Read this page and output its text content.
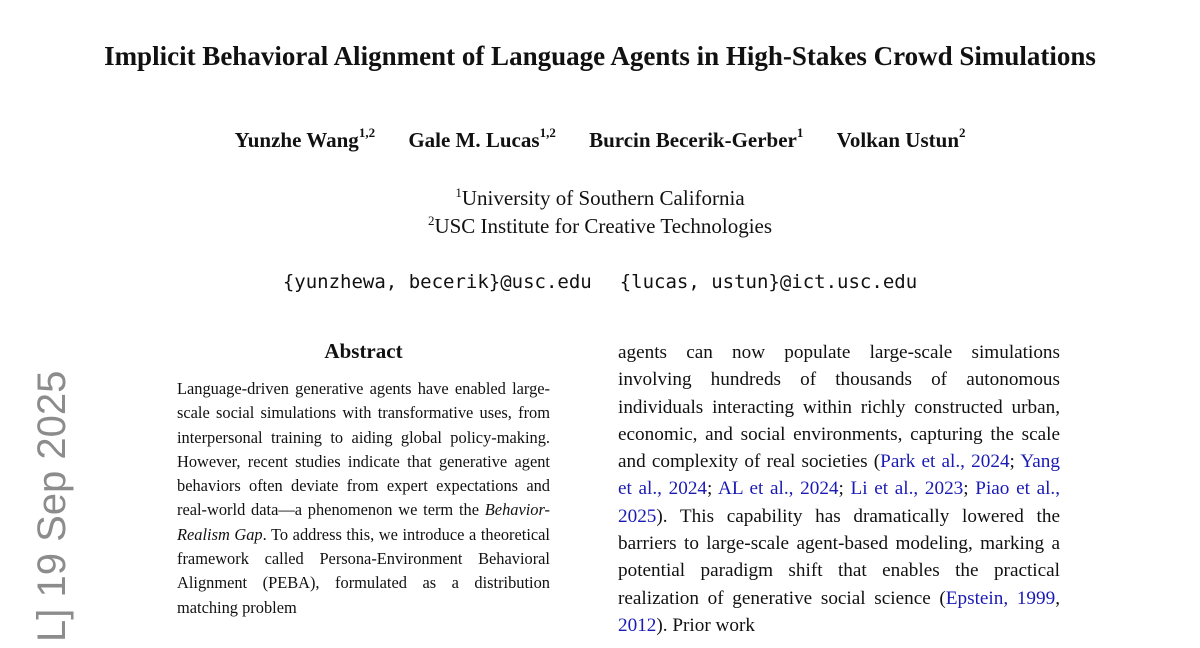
L] 19 Sep 2025
Implicit Behavioral Alignment of Language Agents in High-Stakes Crowd Simulations
Yunzhe Wang$^{1,2}$ Gale M. Lucas$^{1,2}$ Burcin Becerik-Gerber$^1$ Volkan Ustun$^2$
$^1$University of Southern California
$^2$USC Institute for Creative Technologies
{yunzhewa, becerik}@usc.edu {lucas, ustun}@ict.usc.edu
Abstract

Language-driven generative agents have enabled large-scale social simulations with transformative uses, from interpersonal training to aiding global policy-making. However, recent studies indicate that generative agent behaviors often deviate from expert expectations and real-world data—a phenomenon we term the Behavior-Realism Gap. To address this, we introduce a theoretical framework called Persona-Environment Behavioral Alignment (PEBA), formulated as a distribution matching problem

agents can now populate large-scale simulations involving hundreds of thousands of autonomous individuals interacting within richly constructed urban, economic, and social environments, capturing the scale and complexity of real societies (Park et al., 2024; Yang et al., 2024; AL et al., 2024; Li et al., 2023; Piao et al., 2025). This capability has dramatically lowered the barriers to large-scale agent-based modeling, marking a potential paradigm shift that enables the practical realization of generative social science (Epstein, 1999, 2012). Prior work
